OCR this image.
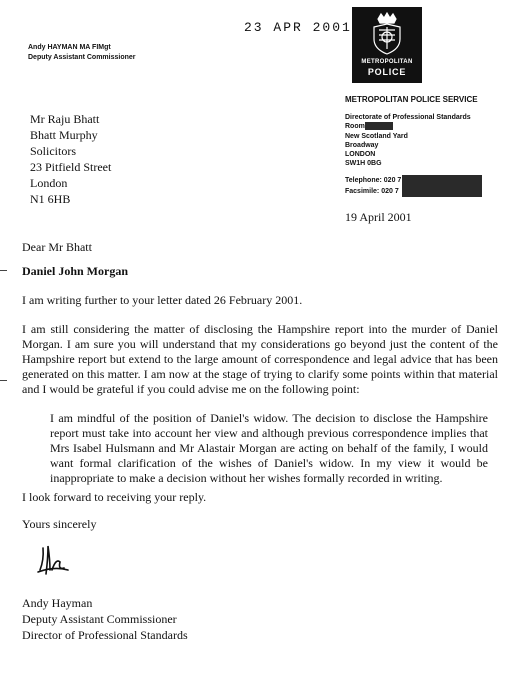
23 APR 2001
Andy HAYMAN MA FIMgt
Deputy Assistant Commissioner
METROPOLITAN
POLICE
METROPOLITAN POLICE SERVICE
Directorate of Professional Standards
Room
New Scotland Yard
Broadway
LONDON
SW1H 0BG
Telephone: 020 7
Facsimile: 020 7
Mr Raju Bhatt
Bhatt Murphy
Solicitors
23 Pitfield Street
London
N1 6HB
19 April 2001
Dear Mr Bhatt
Daniel John Morgan
I am writing further to your letter dated 26 February 2001.
I am still considering the matter of disclosing the Hampshire report into the murder of Daniel Morgan. I am sure you will understand that my considerations go beyond just the content of the Hampshire report but extend to the large amount of correspondence and legal advice that has been generated on this matter. I am now at the stage of trying to clarify some points within that material and I would be grateful if you could advise me on the following point:
I am mindful of the position of Daniel's widow. The decision to disclose the Hampshire report must take into account her view and although previous correspondence implies that Mrs Isabel Hulsmann and Mr Alastair Morgan are acting on behalf of the family, I would want formal clarification of the wishes of Daniel's widow. In my view it would be inappropriate to make a decision without her wishes formally recorded in writing.
I look forward to receiving your reply.
Yours sincerely
Andy Hayman
Deputy Assistant Commissioner
Director of Professional Standards
